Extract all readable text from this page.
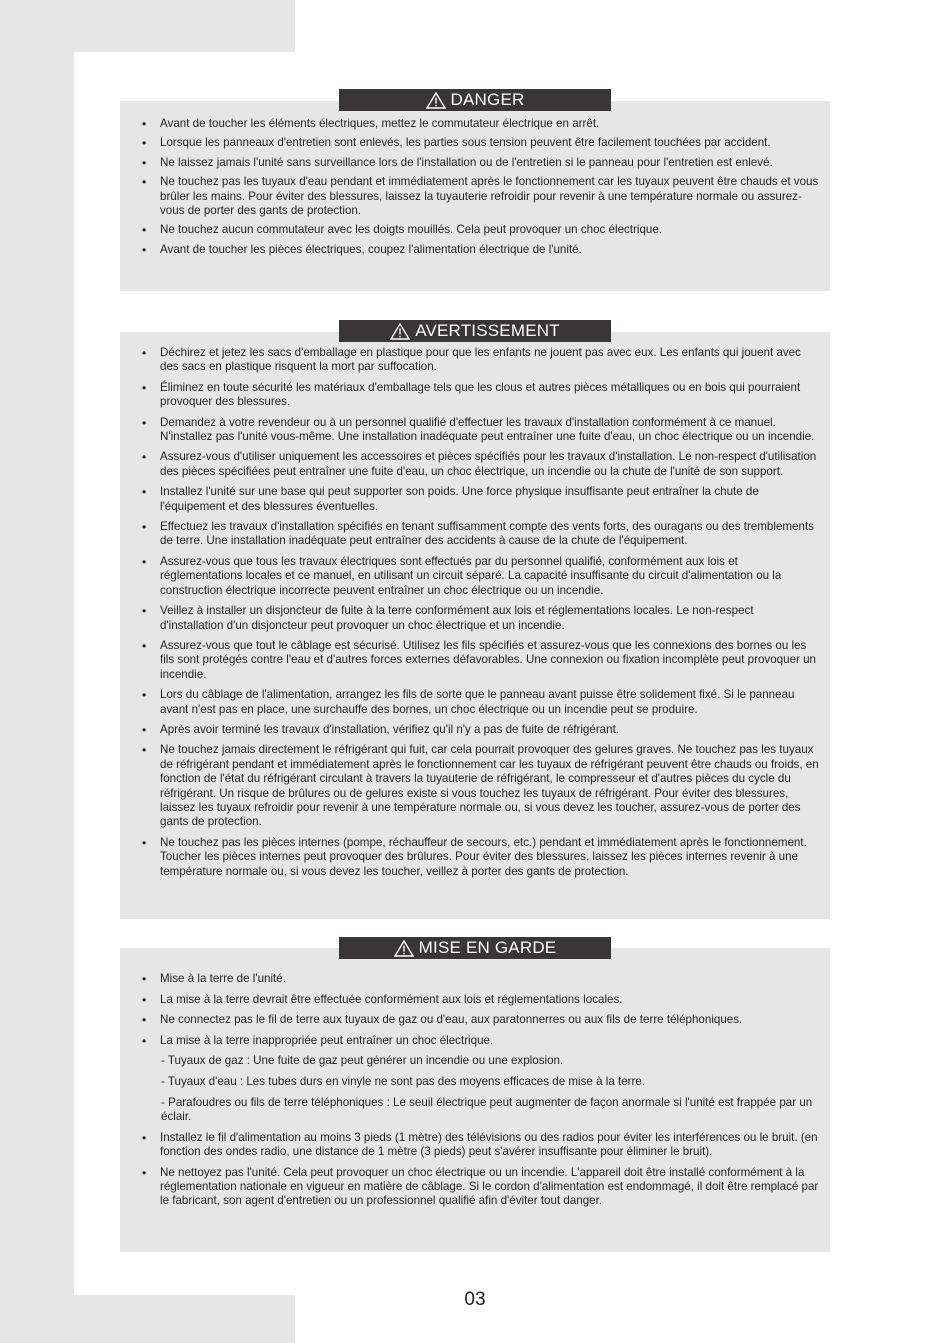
DANGER
• Avant de toucher les éléments électriques, mettez le commutateur électrique en arrêt.
• Lorsque les panneaux d'entretien sont enlevés, les parties sous tension peuvent être facilement touchées par accident.
• Ne laissez jamais l'unité sans surveillance lors de l'installation ou de l'entretien si le panneau pour l'entretien est enlevé.
• Ne touchez pas les tuyaux d'eau pendant et immédiatement après le fonctionnement car les tuyaux peuvent être chauds et vous brûler les mains. Pour éviter des blessures, laissez la tuyauterie refroidir pour revenir à une température normale ou assurez-vous de porter des gants de protection.
• Ne touchez aucun commutateur avec les doigts mouillés. Cela peut provoquer un choc électrique.
• Avant de toucher les pièces électriques, coupez l'alimentation électrique de l'unité.
AVERTISSEMENT
• Déchirez et jetez les sacs d'emballage en plastique pour que les enfants ne jouent pas avec eux. Les enfants qui jouent avec des sacs en plastique risquent la mort par suffocation.
• Éliminez en toute sécurité les matériaux d'emballage tels que les clous et autres pièces métalliques ou en bois qui pourraient provoquer des blessures.
• Demandez à votre revendeur ou à un personnel qualifié d'effectuer les travaux d'installation conformément à ce manuel. N'installez pas l'unité vous-même. Une installation inadéquate peut entraîner une fuite d'eau, un choc électrique ou un incendie.
• Assurez-vous d'utiliser uniquement les accessoires et pièces spécifiés pour les travaux d'installation. Le non-respect d'utilisation des pièces spécifiées peut entraîner une fuite d'eau, un choc électrique, un incendie ou la chute de l'unité de son support.
• Installez l'unité sur une base qui peut supporter son poids. Une force physique insuffisante peut entraîner la chute de l'équipement et des blessures éventuelles.
• Effectuez les travaux d'installation spécifiés en tenant suffisamment compte des vents forts, des ouragans ou des tremblements de terre. Une installation inadéquate peut entraîner des accidents à cause de la chute de l'équipement.
• Assurez-vous que tous les travaux électriques sont effectués par du personnel qualifié, conformément aux lois et réglementations locales et ce manuel, en utilisant un circuit séparé. La capacité insuffisante du circuit d'alimentation ou la construction électrique incorrecte peuvent entraîner un choc électrique ou un incendie.
• Veillez à installer un disjoncteur de fuite à la terre conformément aux lois et réglementations locales. Le non-respect d'installation d'un disjoncteur peut provoquer un choc électrique et un incendie.
• Assurez-vous que tout le câblage est sécurisé. Utilisez les fils spécifiés et assurez-vous que les connexions des bornes ou les fils sont protégés contre l'eau et d'autres forces externes défavorables. Une connexion ou fixation incomplète peut provoquer un incendie.
• Lors du câblage de l'alimentation, arrangez les fils de sorte que le panneau avant puisse être solidement fixé. Si le panneau avant n'est pas en place, une surchauffe des bornes, un choc électrique ou un incendie peut se produire.
• Après avoir terminé les travaux d'installation, vérifiez qu'il n'y a pas de fuite de réfrigérant.
• Ne touchez jamais directement le réfrigérant qui fuit, car cela pourrait provoquer des gelures graves. Ne touchez pas les tuyaux de réfrigérant pendant et immédiatement après le fonctionnement car les tuyaux de réfrigérant peuvent être chauds ou froids, en fonction de l'état du réfrigérant circulant à travers la tuyauterie de réfrigérant, le compresseur et d'autres pièces du cycle du réfrigérant. Un risque de brûlures ou de gelures existe si vous touchez les tuyaux de réfrigérant. Pour éviter des blessures, laissez les tuyaux refroidir pour revenir à une température normale ou, si vous devez les toucher, assurez-vous de porter des gants de protection.
• Ne touchez pas les pièces internes (pompe, réchauffeur de secours, etc.) pendant et immédiatement après le fonctionnement. Toucher les pièces internes peut provoquer des brûlures. Pour éviter des blessures, laissez les pièces internes revenir à une température normale ou, si vous devez les toucher, veillez à porter des gants de protection.
MISE EN GARDE
• Mise à la terre de l'unité.
• La mise à la terre devrait être effectuée conformément aux lois et réglementations locales.
• Ne connectez pas le fil de terre aux tuyaux de gaz ou d'eau, aux paratonnerres ou aux fils de terre téléphoniques.
• La mise à la terre inappropriée peut entraîner un choc électrique.
- Tuyaux de gaz : Une fuite de gaz peut générer un incendie ou une explosion.
- Tuyaux d'eau : Les tubes durs en vinyle ne sont pas des moyens efficaces de mise à la terre.
- Parafoudres ou fils de terre téléphoniques : Le seuil électrique peut augmenter de façon anormale si l'unité est frappée par un éclair.
• Installez le fil d'alimentation au moins 3 pieds (1 mètre) des télévisions ou des radios pour éviter les interférences ou le bruit. (en fonction des ondes radio, une distance de 1 mètre (3 pieds) peut s'avérer insuffisante pour éliminer le bruit).
• Ne nettoyez pas l'unité. Cela peut provoquer un choc électrique ou un incendie. L'appareil doit être installé conformément à la réglementation nationale en vigueur en matière de câblage. Si le cordon d'alimentation est endommagé, il doit être remplacé par le fabricant, son agent d'entretien ou un professionnel qualifié afin d'éviter tout danger.
03
